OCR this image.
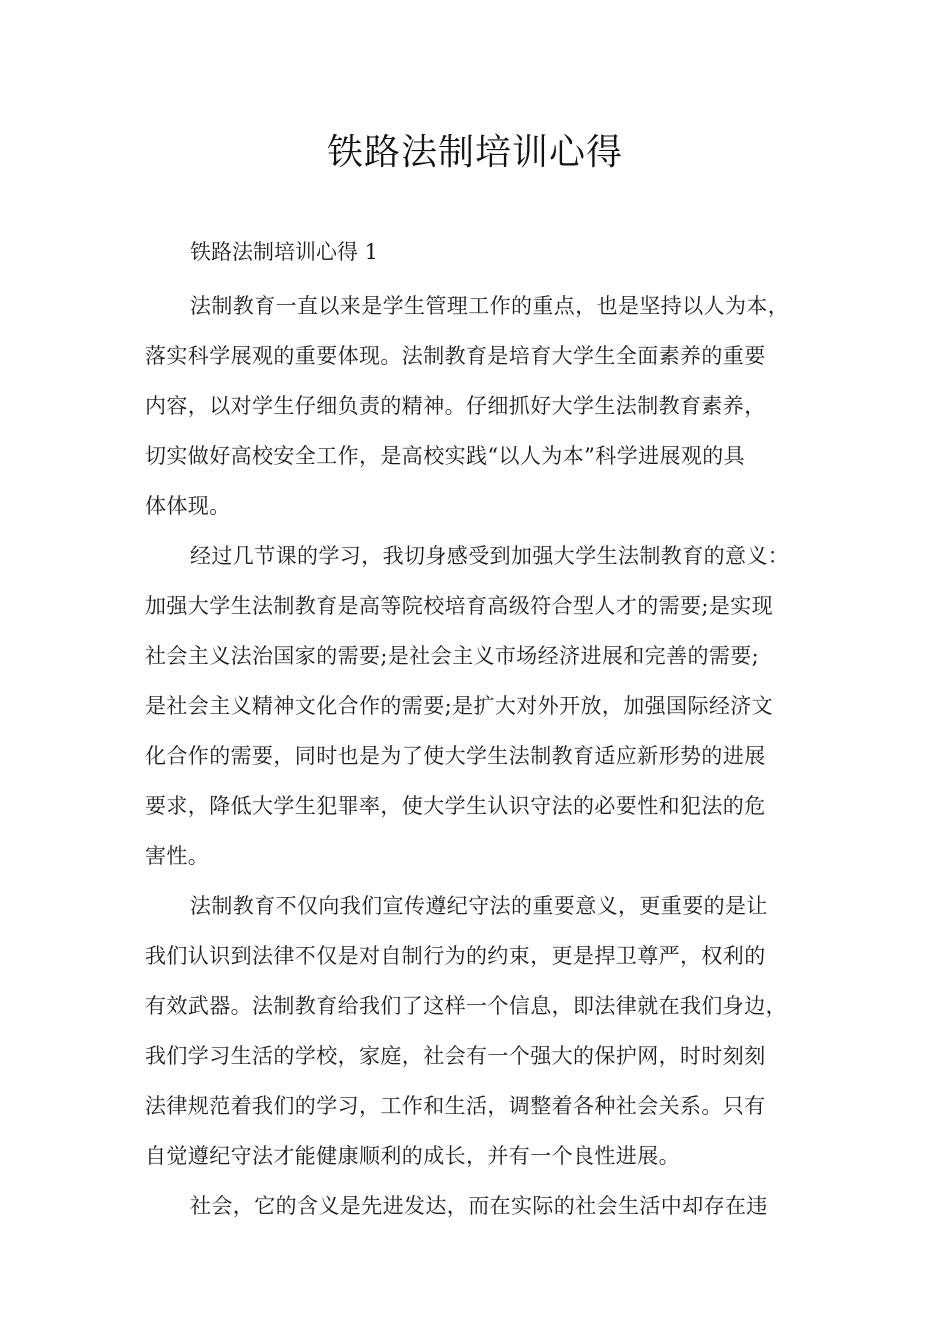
铁路法制培训心得
铁路法制培训心得 1
法制教育一直以来是学生管理工作的重点，也是坚持以人为本，
落实科学展观的重要体现。法制教育是培育大学生全面素养的重要
内容，以对学生仔细负责的精神。仔细抓好大学生法制教育素养，
切实做好高校安全工作，是高校实践“以人为本”科学进展观的具
体体现。
经过几节课的学习，我切身感受到加强大学生法制教育的意义：
加强大学生法制教育是高等院校培育高级符合型人才的需要;是实现
社会主义法治国家的需要;是社会主义市场经济进展和完善的需要;
是社会主义精神文化合作的需要;是扩大对外开放，加强国际经济文
化合作的需要，同时也是为了使大学生法制教育适应新形势的进展
要求，降低大学生犯罪率，使大学生认识守法的必要性和犯法的危
害性。
法制教育不仅向我们宣传遵纪守法的重要意义，更重要的是让
我们认识到法律不仅是对自制行为的约束，更是捍卫尊严，权利的
有效武器。法制教育给我们了这样一个信息，即法律就在我们身边，
我们学习生活的学校，家庭，社会有一个强大的保护网，时时刻刻
法律规范着我们的学习，工作和生活，调整着各种社会关系。只有
自觉遵纪守法才能健康顺利的成长，并有一个良性进展。
社会，它的含义是先进发达，而在实际的社会生活中却存在违
